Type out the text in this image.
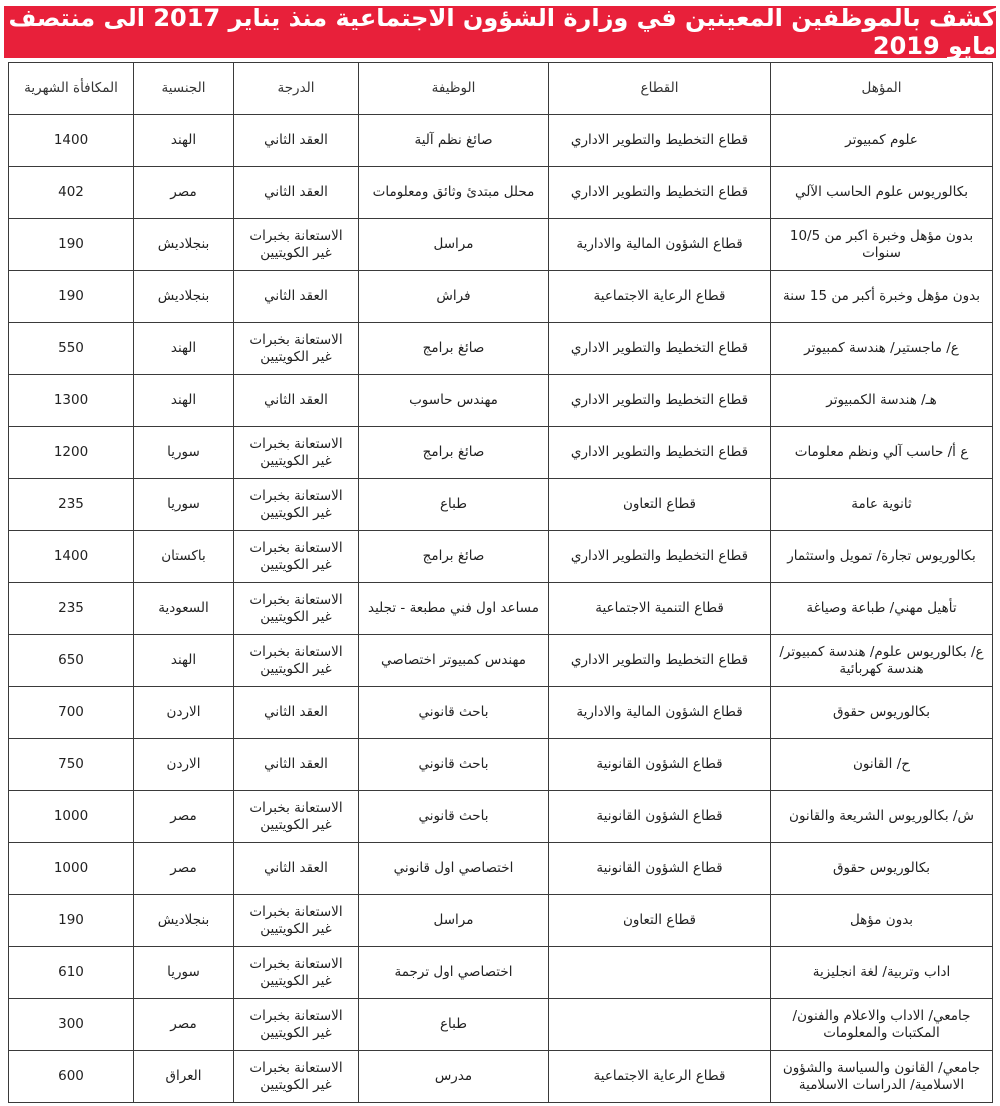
كشف بالموظفين المعينين في وزارة الشؤون الاجتماعية منذ يناير 2017 الى منتصف مايو 2019
المؤهل	القطاع	الوظيفة	الدرجة	الجنسية	المكافأة الشهرية
علوم كمبيوتر	قطاع التخطيط والتطوير الاداري	صائغ نظم آلية	العقد الثاني	الهند	1400
بكالوريوس علوم الحاسب الآلي	قطاع التخطيط والتطوير الاداري	محلل مبتدئ وثائق ومعلومات	العقد الثاني	مصر	402
بدون مؤهل وخبرة اكبر من 10/5 سنوات	قطاع الشؤون المالية والادارية	مراسل	الاستعانة بخبرات غير الكويتيين	بنجلاديش	190
بدون مؤهل وخبرة أكبر من 15 سنة	قطاع الرعاية الاجتماعية	فراش	العقد الثاني	بنجلاديش	190
ع/ ماجستير/ هندسة كمبيوتر	قطاع التخطيط والتطوير الاداري	صائغ برامج	الاستعانة بخبرات غير الكويتيين	الهند	550
هـ/ هندسة الكمبيوتر	قطاع التخطيط والتطوير الاداري	مهندس حاسوب	العقد الثاني	الهند	1300
ع أ/ حاسب آلي ونظم معلومات	قطاع التخطيط والتطوير الاداري	صائغ برامج	الاستعانة بخبرات غير الكويتيين	سوريا	1200
ثانوية عامة	قطاع التعاون	طباع	الاستعانة بخبرات غير الكويتيين	سوريا	235
بكالوريوس تجارة/ تمويل واستثمار	قطاع التخطيط والتطوير الاداري	صائغ برامج	الاستعانة بخبرات غير الكويتيين	باكستان	1400
تأهيل مهني/ طباعة وصياغة	قطاع التنمية الاجتماعية	مساعد اول فني مطبعة - تجليد	الاستعانة بخبرات غير الكويتيين	السعودية	235
ع/ بكالوريوس علوم/ هندسة كمبيوتر/ هندسة كهربائية	قطاع التخطيط والتطوير الاداري	مهندس كمبيوتر اختصاصي	الاستعانة بخبرات غير الكويتيين	الهند	650
بكالوريوس حقوق	قطاع الشؤون المالية والادارية	باحث قانوني	العقد الثاني	الاردن	700
ح/ القانون	قطاع الشؤون القانونية	باحث قانوني	العقد الثاني	الاردن	750
ش/ بكالوريوس الشريعة والقانون	قطاع الشؤون القانونية	باحث قانوني	الاستعانة بخبرات غير الكويتيين	مصر	1000
بكالوريوس حقوق	قطاع الشؤون القانونية	اختصاصي اول قانوني	العقد الثاني	مصر	1000
بدون مؤهل	قطاع التعاون	مراسل	الاستعانة بخبرات غير الكويتيين	بنجلاديش	190
اداب وتربية/ لغة انجليزية		اختصاصي اول ترجمة	الاستعانة بخبرات غير الكويتيين	سوريا	610
جامعي/ الاداب والاعلام والفنون/ المكتبات والمعلومات		طباع	الاستعانة بخبرات غير الكويتيين	مصر	300
جامعي/ القانون والسياسة والشؤون الاسلامية/ الدراسات الاسلامية	قطاع الرعاية الاجتماعية	مدرس	الاستعانة بخبرات غير الكويتيين	العراق	600
